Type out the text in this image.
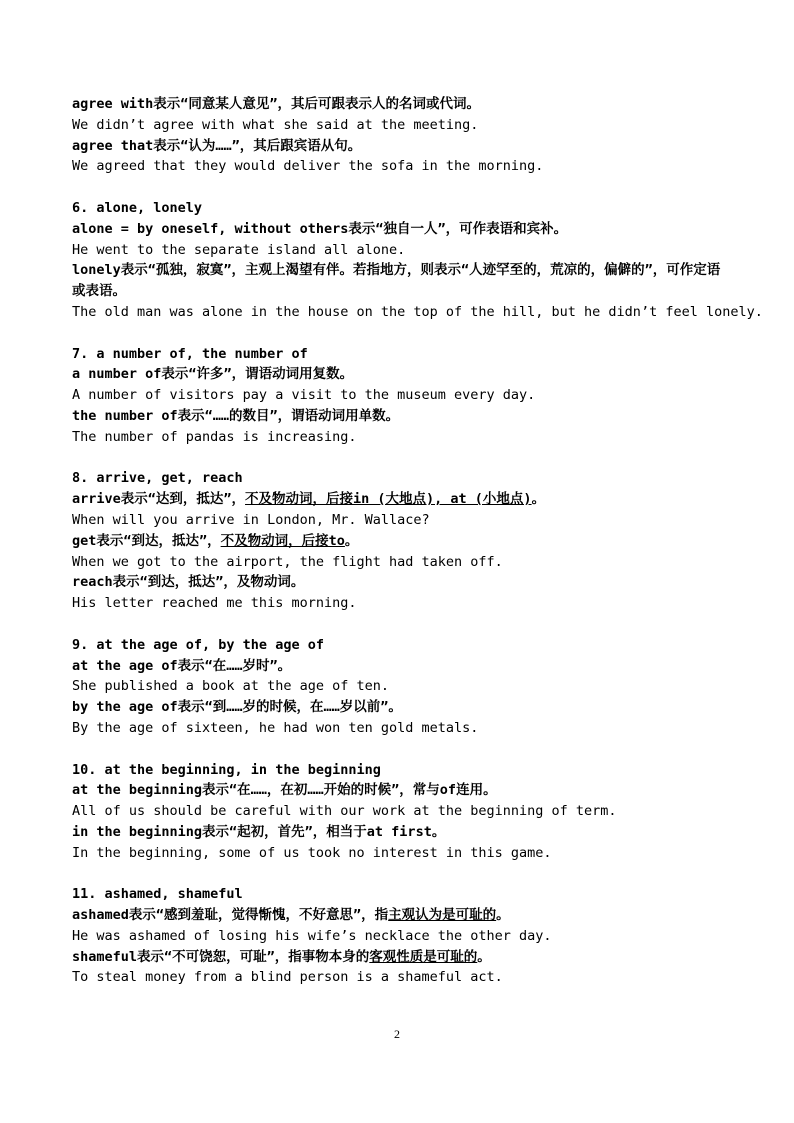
agree with表示“同意某人意见”，其后可跟表示人的名词或代词。
We didn’t agree with what she said at the meeting.
agree that表示“认为……”，其后跟宾语从句。
We agreed that they would deliver the sofa in the morning.
6. alone, lonely
alone = by oneself, without others表示“独自一人”，可作表语和宾补。
He went to the separate island all alone.
lonely表示“孤独，寂寞”，主观上渴望有伴。若指地方，则表示“人迹罕至的，荒凉的，偏僻的”，可作定语或表语。
The old man was alone in the house on the top of the hill, but he didn’t feel lonely.
7. a number of, the number of
a number of表示“许多”，谓语动词用复数。
A number of visitors pay a visit to the museum every day.
the number of表示“……的数目”，谓语动词用单数。
The number of pandas is increasing.
8. arrive, get, reach
arrive表示“达到，抵达”，不及物动词，后接in (大地点), at (小地点)。
When will you arrive in London, Mr. Wallace?
get表示“到达，抵达”，不及物动词，后接to。
When we got to the airport, the flight had taken off.
reach表示“到达，抵达”，及物动词。
His letter reached me this morning.
9. at the age of, by the age of
at the age of表示“在……岁时”。
She published a book at the age of ten.
by the age of表示“到……岁的时候，在……岁以前”。
By the age of sixteen, he had won ten gold metals.
10. at the beginning, in the beginning
at the beginning表示“在……，在初……开始的时候”，常与of连用。
All of us should be careful with our work at the beginning of term.
in the beginning表示“起初，首先”，相当于at first。
In the beginning, some of us took no interest in this game.
11. ashamed, shameful
ashamed表示“感到羞耻，觉得惭愧，不好意思”，指主观认为是可耻的。
He was ashamed of losing his wife’s necklace the other day.
shameful表示“不可饶恕，可耻”，指事物本身的客观性质是可耻的。
To steal money from a blind person is a shameful act.
2
